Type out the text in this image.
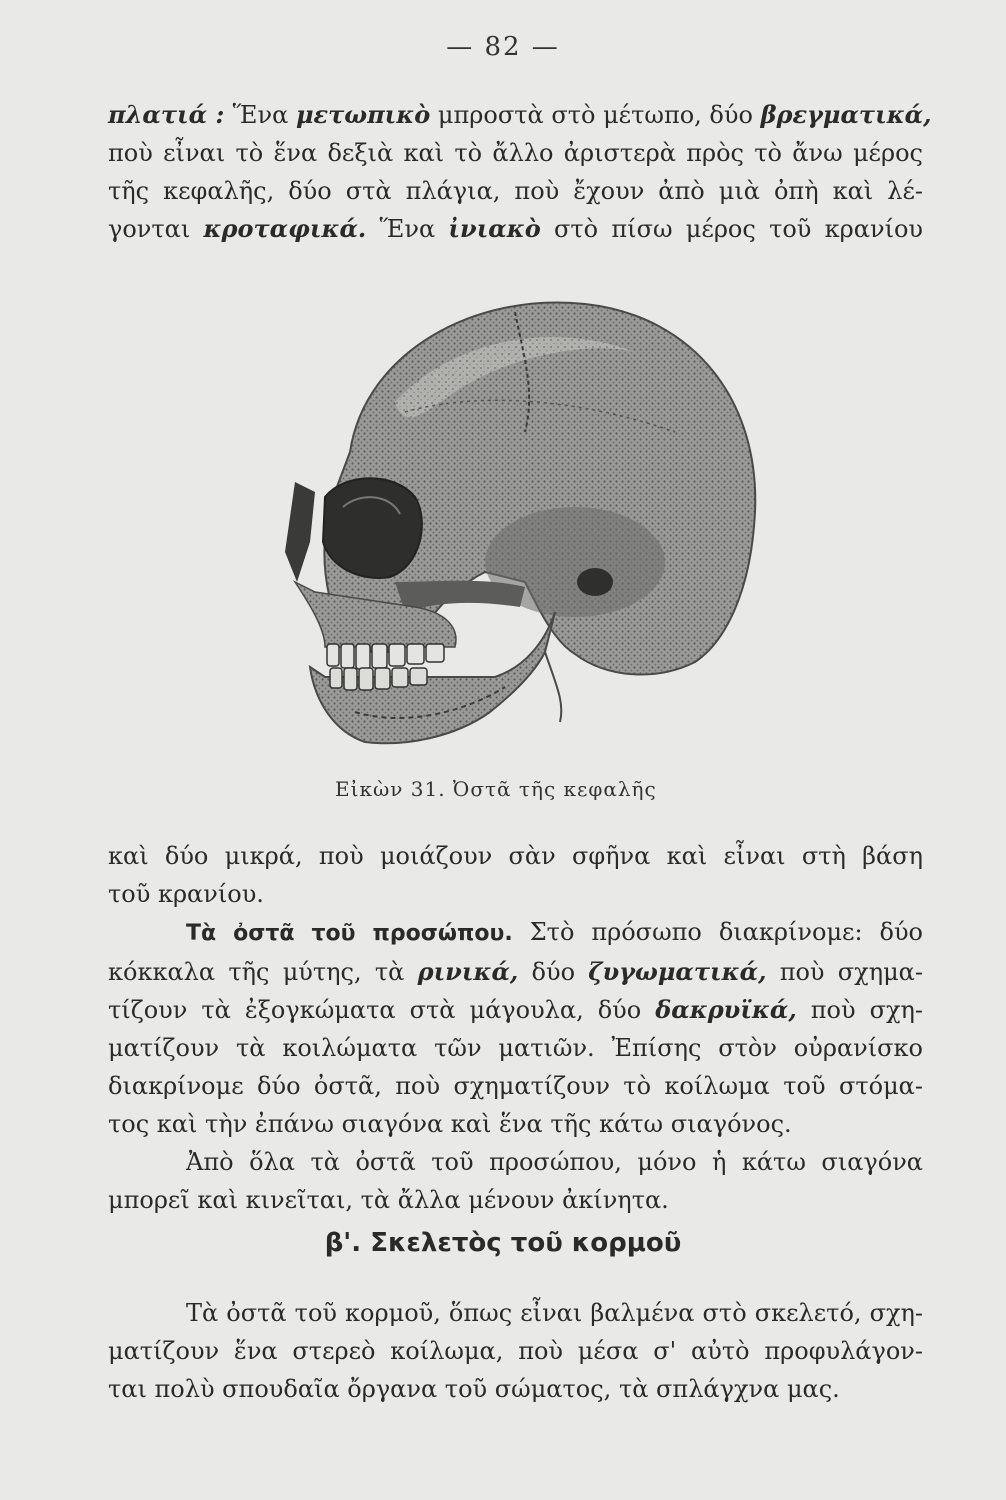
— 82 —
πλατιά : Ἕνα μετωπικὸ μπροστὰ στὸ μέτωπο, δύο βρεγματικά,
ποὺ εἶναι τὸ ἕνα δεξιὰ καὶ τὸ ἄλλο ἀριστερὰ πρὸς τὸ ἄνω μέρος
τῆς κεφαλῆς, δύο στὰ πλάγια, ποὺ ἔχουν ἀπὸ μιὰ ὀπὴ καὶ λέ-
γονται κροταφικά. Ἕνα ἰνιακὸ στὸ πίσω μέρος τοῦ κρανίου
Εἰκὼν 31. Ὀστᾶ τῆς κεφαλῆς
καὶ δύο μικρά, ποὺ μοιάζουν σὰν σφῆνα καὶ εἶναι στὴ βάση
τοῦ κρανίου.
Τὰ ὀστᾶ τοῦ προσώπου. Στὸ πρόσωπο διακρίνομε: δύο
κόκκαλα τῆς μύτης, τὰ ρινικά, δύο ζυγωματικά, ποὺ σχημα-
τίζουν τὰ ἐξογκώματα στὰ μάγουλα, δύο δακρυϊκά, ποὺ σχη-
ματίζουν τὰ κοιλώματα τῶν ματιῶν. Ἐπίσης στὸν οὐρανίσκο
διακρίνομε δύο ὀστᾶ, ποὺ σχηματίζουν τὸ κοίλωμα τοῦ στόμα-
τος καὶ τὴν ἐπάνω σιαγόνα καὶ ἕνα τῆς κάτω σιαγόνος.
Ἀπὸ ὅλα τὰ ὀστᾶ τοῦ προσώπου, μόνο ἡ κάτω σιαγόνα
μπορεῖ καὶ κινεῖται, τὰ ἄλλα μένουν ἀκίνητα.
β'. Σκελετὸς τοῦ κορμοῦ
Τὰ ὀστᾶ τοῦ κορμοῦ, ὅπως εἶναι βαλμένα στὸ σκελετό, σχη-
ματίζουν ἕνα στερεὸ κοίλωμα, ποὺ μέσα σ' αὐτὸ προφυλάγον-
ται πολὺ σπουδαῖα ὄργανα τοῦ σώματος, τὰ σπλάγχνα μας.
